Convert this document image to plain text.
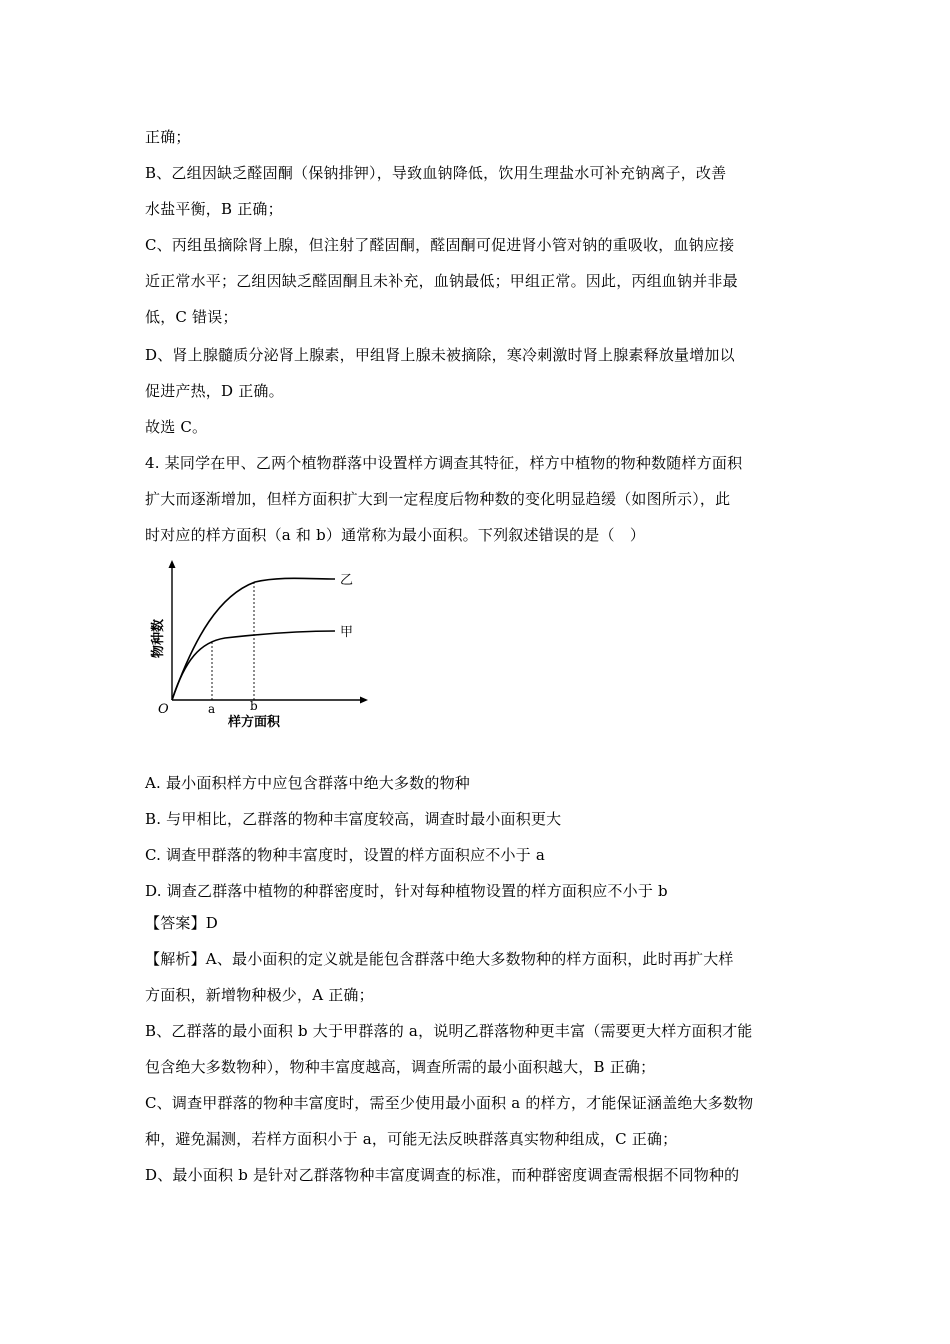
正确；
B、乙组因缺乏醛固酮（保钠排钾），导致血钠降低，饮用生理盐水可补充钠离子，改善
水盐平衡，B 正确；
C、丙组虽摘除肾上腺，但注射了醛固酮，醛固酮可促进肾小管对钠的重吸收，血钠应接
近正常水平；乙组因缺乏醛固酮且未补充，血钠最低；甲组正常。因此，丙组血钠并非最
低，C 错误；
D、肾上腺髓质分泌肾上腺素，甲组肾上腺未被摘除，寒冷刺激时肾上腺素释放量增加以
促进产热，D 正确。
故选 C。
4. 某同学在甲、乙两个植物群落中设置样方调查其特征，样方中植物的物种数随样方面积
扩大而逐渐增加，但样方面积扩大到一定程度后物种数的变化明显趋缓（如图所示），此
时对应的样方面积（a 和 b）通常称为最小面积。下列叙述错误的是（　）
乙
甲
O	a	b
样方面积
物种数
A. 最小面积样方中应包含群落中绝大多数的物种
B. 与甲相比，乙群落的物种丰富度较高，调查时最小面积更大
C. 调查甲群落的物种丰富度时，设置的样方面积应不小于 a
D. 调查乙群落中植物的种群密度时，针对每种植物设置的样方面积应不小于 b
【答案】D
【解析】A、最小面积的定义就是能包含群落中绝大多数物种的样方面积，此时再扩大样
方面积，新增物种极少，A 正确；
B、乙群落的最小面积 b 大于甲群落的 a，说明乙群落物种更丰富（需要更大样方面积才能
包含绝大多数物种），物种丰富度越高，调查所需的最小面积越大，B 正确；
C、调查甲群落的物种丰富度时，需至少使用最小面积 a 的样方，才能保证涵盖绝大多数物
种，避免漏测，若样方面积小于 a，可能无法反映群落真实物种组成，C 正确；
D、最小面积 b 是针对乙群落物种丰富度调查的标准，而种群密度调查需根据不同物种的
